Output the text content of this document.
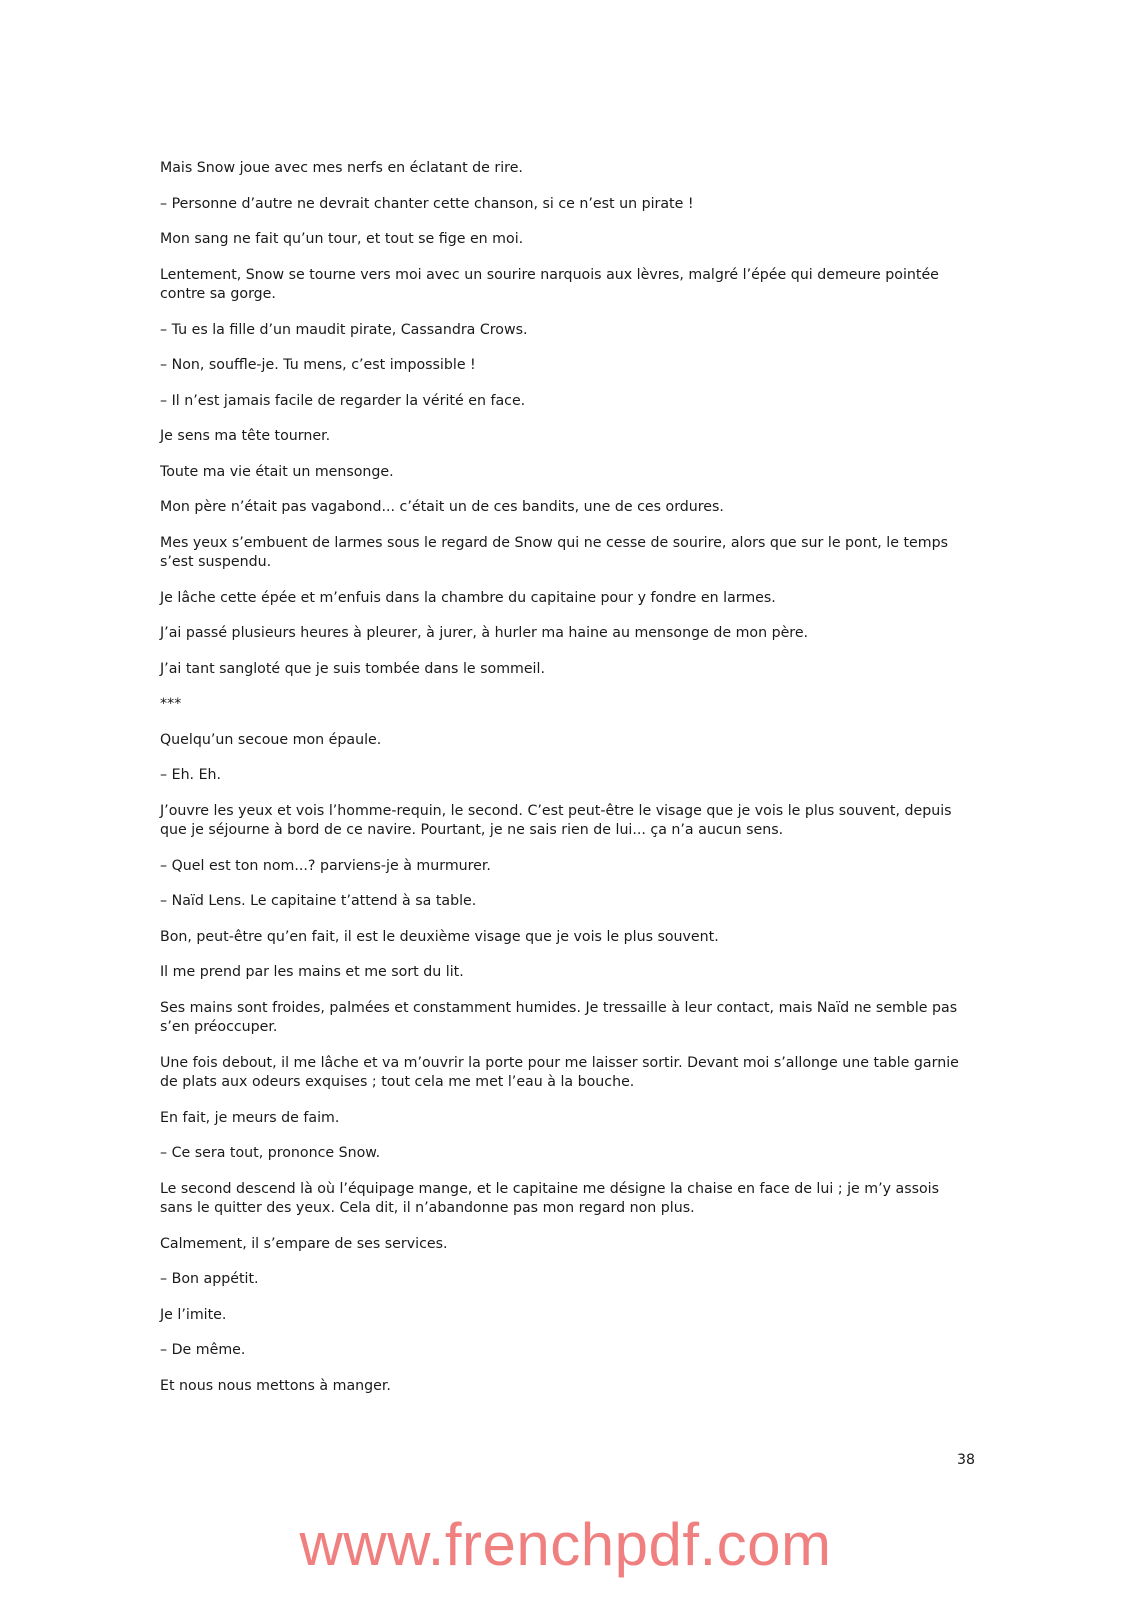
Mais Snow joue avec mes nerfs en éclatant de rire.

– Personne d’autre ne devrait chanter cette chanson, si ce n’est un pirate !

Mon sang ne fait qu’un tour, et tout se fige en moi.

Lentement, Snow se tourne vers moi avec un sourire narquois aux lèvres, malgré l’épée qui demeure pointée contre sa gorge.

– Tu es la fille d’un maudit pirate, Cassandra Crows.

– Non, souffle-je. Tu mens, c’est impossible !

– Il n’est jamais facile de regarder la vérité en face.

Je sens ma tête tourner.

Toute ma vie était un mensonge.

Mon père n’était pas vagabond... c’était un de ces bandits, une de ces ordures.

Mes yeux s’embuent de larmes sous le regard de Snow qui ne cesse de sourire, alors que sur le pont, le temps s’est suspendu.

Je lâche cette épée et m’enfuis dans la chambre du capitaine pour y fondre en larmes.

J’ai passé plusieurs heures à pleurer, à jurer, à hurler ma haine au mensonge de mon père.

J’ai tant sangloté que je suis tombée dans le sommeil.

***

Quelqu’un secoue mon épaule.

– Eh. Eh.

J’ouvre les yeux et vois l’homme-requin, le second. C’est peut-être le visage que je vois le plus souvent, depuis que je séjourne à bord de ce navire. Pourtant, je ne sais rien de lui... ça n’a aucun sens.

– Quel est ton nom...? parviens-je à murmurer.

– Naïd Lens. Le capitaine t’attend à sa table.

Bon, peut-être qu’en fait, il est le deuxième visage que je vois le plus souvent.

Il me prend par les mains et me sort du lit.

Ses mains sont froides, palmées et constamment humides. Je tressaille à leur contact, mais Naïd ne semble pas s’en préoccuper.

Une fois debout, il me lâche et va m’ouvrir la porte pour me laisser sortir. Devant moi s’allonge une table garnie de plats aux odeurs exquises ; tout cela me met l’eau à la bouche.

En fait, je meurs de faim.

– Ce sera tout, prononce Snow.

Le second descend là où l’équipage mange, et le capitaine me désigne la chaise en face de lui ; je m’y assois sans le quitter des yeux. Cela dit, il n’abandonne pas mon regard non plus.

Calmement, il s’empare de ses services.

– Bon appétit.

Je l’imite.

– De même.

Et nous nous mettons à manger.

38
www.frenchpdf.com
